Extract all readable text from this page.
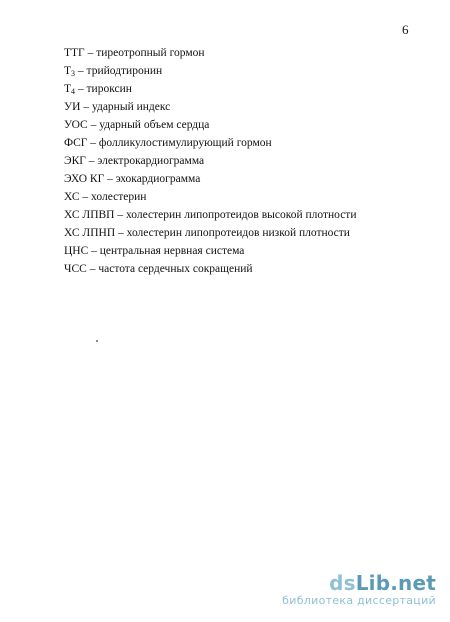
6
ТТГ – тиреотропный гормон
$Т_3$ – трийодтиронин
$Т_4$ – тироксин
УИ – ударный индекс
УОС – ударный объем сердца
ФСГ – фолликулостимулирующий гормон
ЭКГ – электрокардиограмма
ЭХО КГ – эхокардиограмма
ХС – холестерин
ХС ЛПВП – холестерин липопротеидов высокой плотности
ХС ЛПНП – холестерин липопротеидов низкой плотности
ЦНС – центральная нервная система
ЧСС – частота сердечных сокращений
dsLib.net
библиотека диссертаций
